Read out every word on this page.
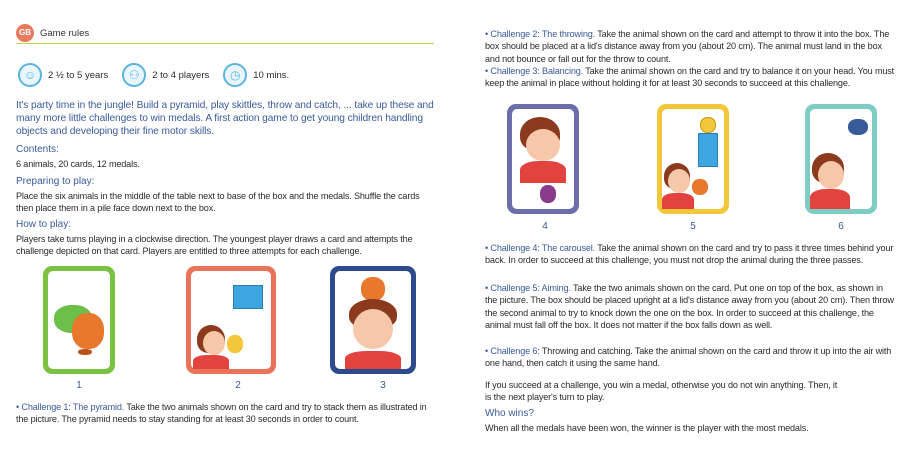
GB Game rules
☺	2 ½ to 5 years	⚇	2 to 4 players	◷	10 mins.
It's party time in the jungle! Build a pyramid, play skittles, throw and catch, ... take up these and many more little challenges to win medals. A first action game to get young children handling objects and developing their fine motor skills.
Contents:

6 animals, 20 cards, 12 medals.

Preparing to play:

Place the six animals in the middle of the table next to base of the box and the medals. Shuffle the cards then place them in a pile face down next to the box.

How to play:

Players take turns playing in a clockwise direction. The youngest player draws a card and attempts the challenge depicted on that card. Players are entitled to three attempts for each challenge.

1	2	3

• Challenge 1: The pyramid. Take the two animals shown on the card and try to stack them as illustrated in the picture. The pyramid needs to stay standing for at least 30 seconds in order to count.

• Challenge 2: The throwing. Take the animal shown on the card and attempt to throw it into the box. The box should be placed at a lid's distance away from you (about 20 cm). The animal must land in the box and not bounce or fall out for the throw to count.

• Challenge 3: Balancing. Take the animal shown on the card and try to balance it on your head. You must keep the animal in place without holding it for at least 30 seconds to succeed at this challenge.

4	5	6

• Challenge 4: The carousel. Take the animal shown on the card and try to pass it three times behind your back. In order to succeed at this challenge, you must not drop the animal during the three passes.

• Challenge 5: Aiming. Take the two animals shown on the card. Put one on top of the box, as shown in the picture. The box should be placed upright at a lid's distance away from you (about 20 cm). Then throw the second animal to try to knock down the one on the box. In order to succeed at this challenge, the animal must fall off the box. It does not matter if the box falls down as well.

• Challenge 6: Throwing and catching. Take the animal shown on the card and throw it up into the air with one hand, then catch it using the same hand.

If you succeed at a challenge, you win a medal, otherwise you do not win anything. Then, it is the next player's turn to play.

Who wins?

When all the medals have been won, the winner is the player with the most medals.
